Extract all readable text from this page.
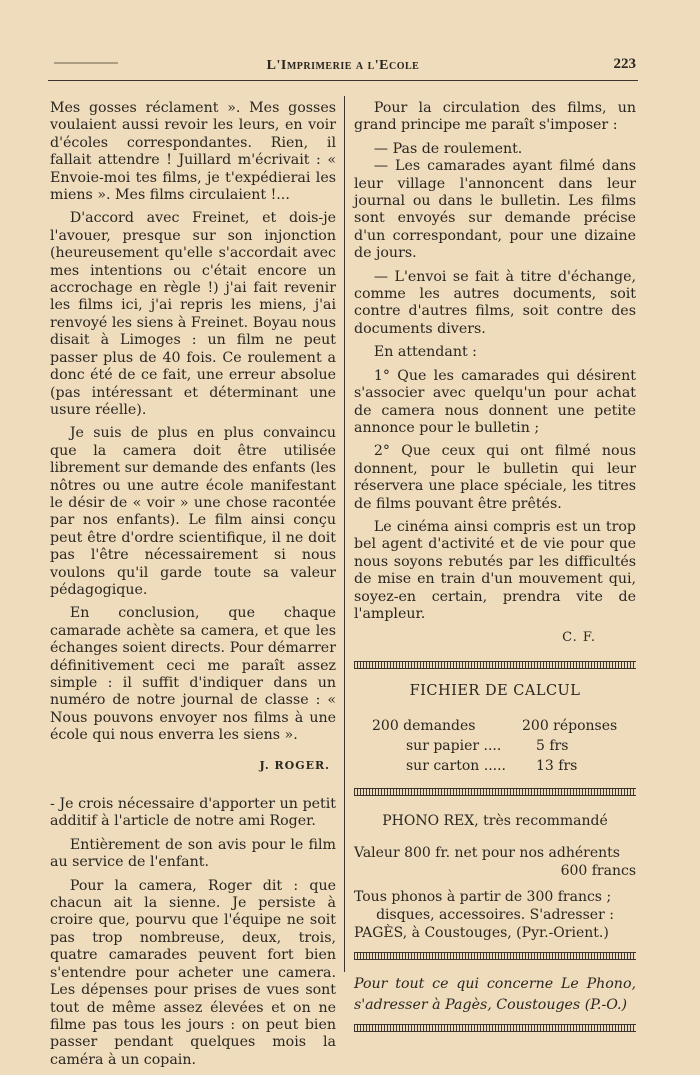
L'Imprimerie a l'Ecole	223

Mes gosses réclament ». Mes gosses voulaient aussi revoir les leurs, en voir d'écoles correspondantes. Rien, il fallait attendre ! Juillard m'écrivait : « Envoie-moi tes films, je t'expédierai les miens ». Mes films circulaient !...

D'accord avec Freinet, et dois-je l'avouer, presque sur son injonction (heureusement qu'elle s'accordait avec mes intentions ou c'était encore un accrochage en règle !) j'ai fait revenir les films ici, j'ai repris les miens, j'ai renvoyé les siens à Freinet. Boyau nous disait à Limoges : un film ne peut passer plus de 40 fois. Ce roulement a donc été de ce fait, une erreur absolue (pas intéressant et déterminant une usure réelle).

Je suis de plus en plus convaincu que la camera doit être utilisée librement sur demande des enfants (les nôtres ou une autre école manifestant le désir de « voir » une chose racontée par nos enfants). Le film ainsi conçu peut être d'ordre scientifique, il ne doit pas l'être nécessairement si nous voulons qu'il garde toute sa valeur pédagogique.

En conclusion, que chaque camarade achète sa camera, et que les échanges soient directs. Pour démarrer définitivement ceci me paraît assez simple : il suffit d'indiquer dans un numéro de notre journal de classe : « Nous pouvons envoyer nos films à une école qui nous enverra les siens ».

J. ROGER.

- Je crois nécessaire d'apporter un petit additif à l'article de notre ami Roger.

Entièrement de son avis pour le film au service de l'enfant.

Pour la camera, Roger dit : que chacun ait la sienne. Je persiste à croire que, pourvu que l'équipe ne soit pas trop nombreuse, deux, trois, quatre camarades peuvent fort bien s'entendre pour acheter une camera. Les dépenses pour prises de vues sont tout de même assez élevées et on ne filme pas tous les jours : on peut bien passer pendant quelques mois la caméra à un copain.

Pour la circulation des films, un grand principe me paraît s'imposer :

— Pas de roulement.

— Les camarades ayant filmé dans leur village l'annoncent dans leur journal ou dans le bulletin. Les films sont envoyés sur demande précise d'un correspondant, pour une dizaine de jours.

— L'envoi se fait à titre d'échange, comme les autres documents, soit contre d'autres films, soit contre des documents divers.

En attendant :

1° Que les camarades qui désirent s'associer avec quelqu'un pour achat de camera nous donnent une petite annonce pour le bulletin ;

2° Que ceux qui ont filmé nous donnent, pour le bulletin qui leur réservera une place spéciale, les titres de films pouvant être prêtés.

Le cinéma ainsi compris est un trop bel agent d'activité et de vie pour que nous soyons rebutés par les difficultés de mise en train d'un mouvement qui, soyez-en certain, prendra vite de l'ampleur.

C. F.
FICHIER DE CALCUL
200 demandes	200 réponses
sur papier ....	5 frs
sur carton .....	13 frs
PHONO REX, très recommandé
Valeur 800 fr. net pour nos adhérents
600 francs
Tous phonos à partir de 300 francs ;
disques, accessoires. S'adresser :
PAGÈS, à Coustouges, (Pyr.-Orient.)

Pour tout ce qui concerne Le Phono, s'adresser à Pagès, Coustouges (P.-O.)
